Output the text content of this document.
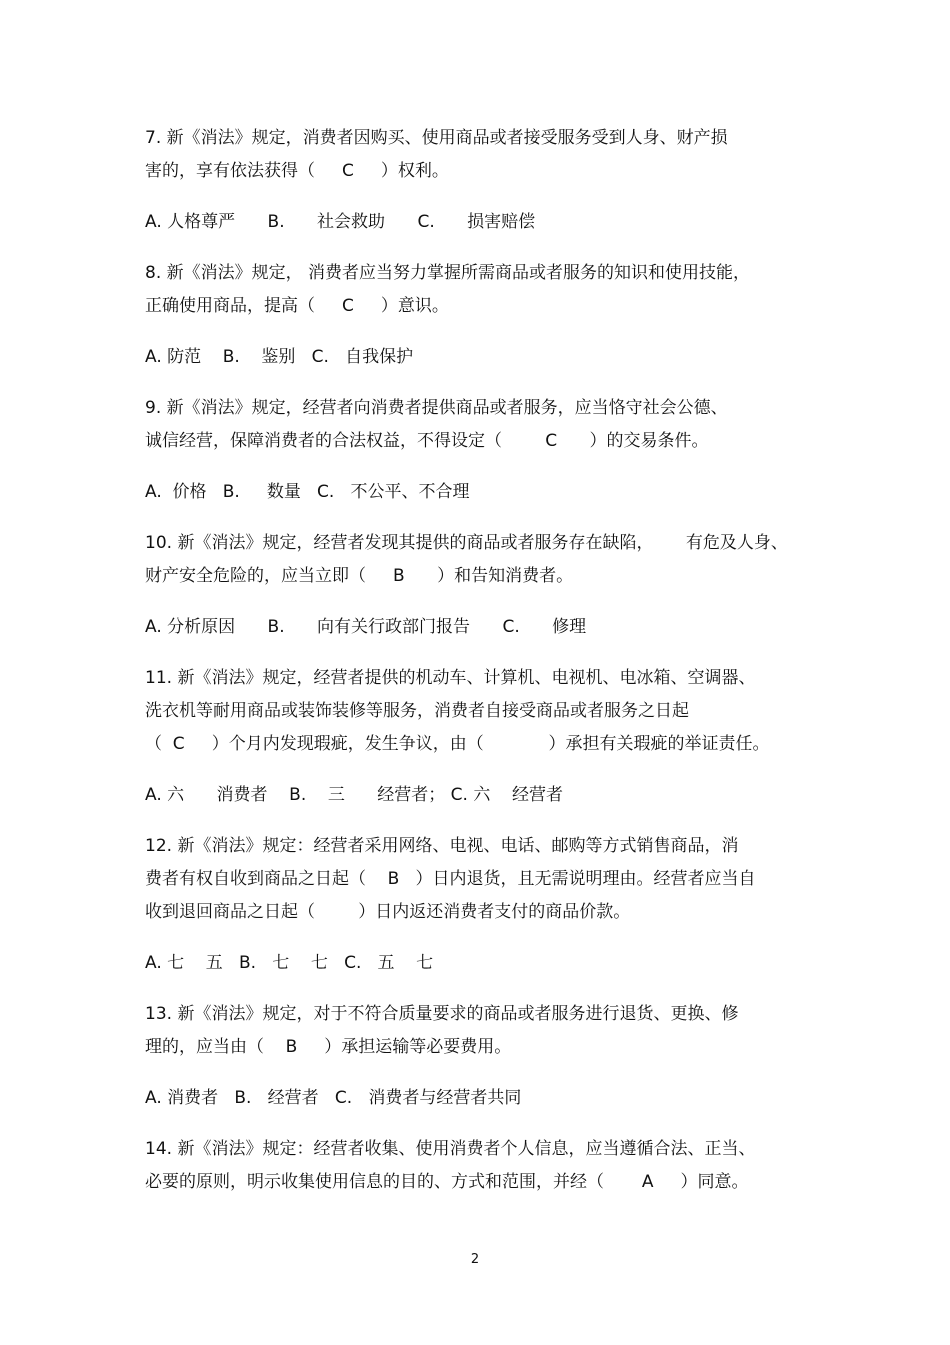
7. 新《消法》规定，消费者因购买、使用商品或者接受服务受到人身、财产损

害的，享有依法获得（     C     ）权利。

A. 人格尊严      B.      社会救助      C.      损害赔偿

8. 新《消法》规定， 消费者应当努力掌握所需商品或者服务的知识和使用技能，

正确使用商品，提高（     C     ）意识。

A. 防范    B.    鉴别   C.   自我保护

9. 新《消法》规定，经营者向消费者提供商品或者服务，应当恪守社会公德、

诚信经营，保障消费者的合法权益，不得设定（        C      ）的交易条件。

A.  价格   B.     数量   C.   不公平、不合理

10. 新《消法》规定，经营者发现其提供的商品或者服务存在缺陷，      有危及人身、

财产安全危险的，应当立即（     B      ）和告知消费者。

A. 分析原因      B.      向有关行政部门报告      C.      修理

11. 新《消法》规定，经营者提供的机动车、计算机、电视机、电冰箱、空调器、

洗衣机等耐用商品或装饰装修等服务，消费者自接受商品或者服务之日起

（  C     ）个月内发现瑕疵，发生争议，由（            ）承担有关瑕疵的举证责任。

A. 六      消费者    B.    三      经营者； C. 六    经营者

12. 新《消法》规定：经营者采用网络、电视、电话、邮购等方式销售商品，消

费者有权自收到商品之日起（    B   ）日内退货，且无需说明理由。经营者应当自

收到退回商品之日起（        ）日内返还消费者支付的商品价款。

A. 七    五   B.   七    七   C.   五    七

13. 新《消法》规定，对于不符合质量要求的商品或者服务进行退货、更换、修

理的，应当由（    B     ）承担运输等必要费用。

A. 消费者   B.   经营者   C.   消费者与经营者共同

14. 新《消法》规定：经营者收集、使用消费者个人信息，应当遵循合法、正当、

必要的原则，明示收集使用信息的目的、方式和范围，并经（       A     ）同意。

2
